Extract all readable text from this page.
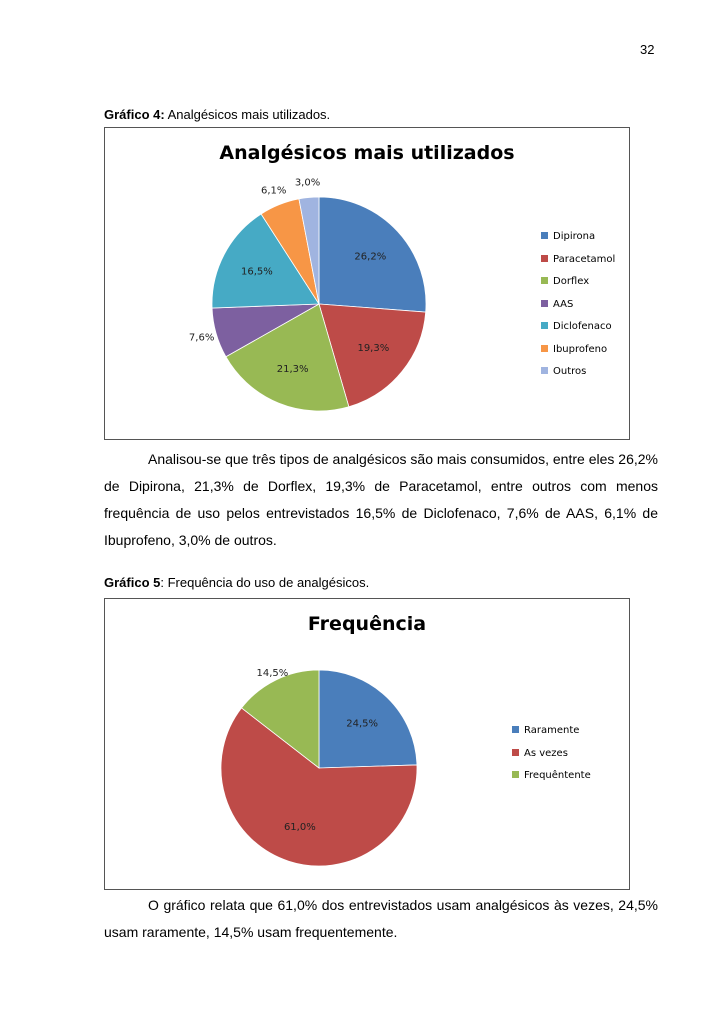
32
Gráfico 4: Analgésicos mais utilizados.
Analgésicos mais utilizados
26,2%
19,3%
21,3%
7,6%
16,5%
6,1%
3,0%
Dipirona
Paracetamol
Dorflex
AAS
Diclofenaco
Ibuprofeno
Outros
Analisou-se que três tipos de analgésicos são mais consumidos, entre eles 26,2% de Dipirona, 21,3% de Dorflex, 19,3% de Paracetamol, entre outros com menos frequência de uso pelos entrevistados 16,5% de Diclofenaco, 7,6% de AAS, 6,1% de Ibuprofeno, 3,0% de outros.
Gráfico 5: Frequência do uso de analgésicos.
Frequência
24,5%
61,0%
14,5%
Raramente
As vezes
Frequêntente
O gráfico relata que 61,0% dos entrevistados usam analgésicos às vezes, 24,5% usam raramente, 14,5% usam frequentemente.
